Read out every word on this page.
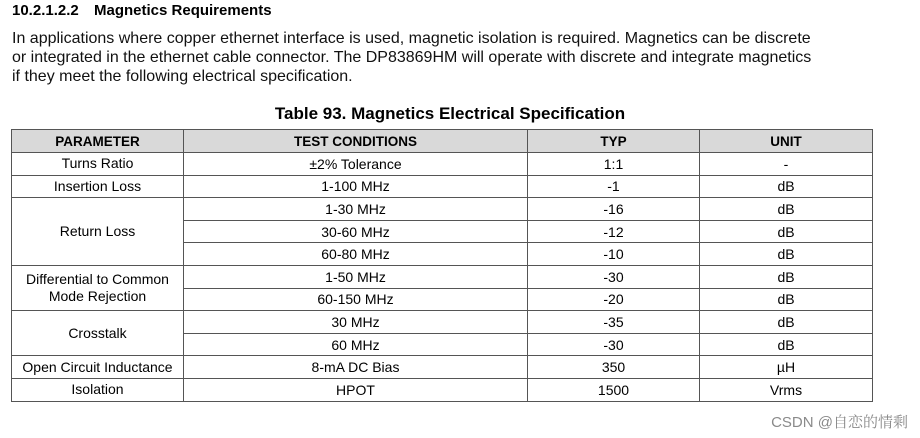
10.2.1.2.2 Magnetics Requirements
In applications where copper ethernet interface is used, magnetic isolation is required. Magnetics can be discrete
or integrated in the ethernet cable connector. The DP83869HM will operate with discrete and integrate magnetics
if they meet the following electrical specification.
Table 93. Magnetics Electrical Specification
PARAMETER	TEST CONDITIONS	TYP	UNIT
Turns Ratio	±2% Tolerance	1:1	-
Insertion Loss	1-100 MHz	-1	dB
Return Loss	1-30 MHz	-16	dB
	30-60 MHz	-12	dB
	60-80 MHz	-10	dB
Differential to Common Mode Rejection	1-50 MHz	-30	dB
	60-150 MHz	-20	dB
Crosstalk	30 MHz	-35	dB
	60 MHz	-30	dB
Open Circuit Inductance	8-mA DC Bias	350	µH
Isolation	HPOT	1500	Vrms
CSDN @自恋的情剩
